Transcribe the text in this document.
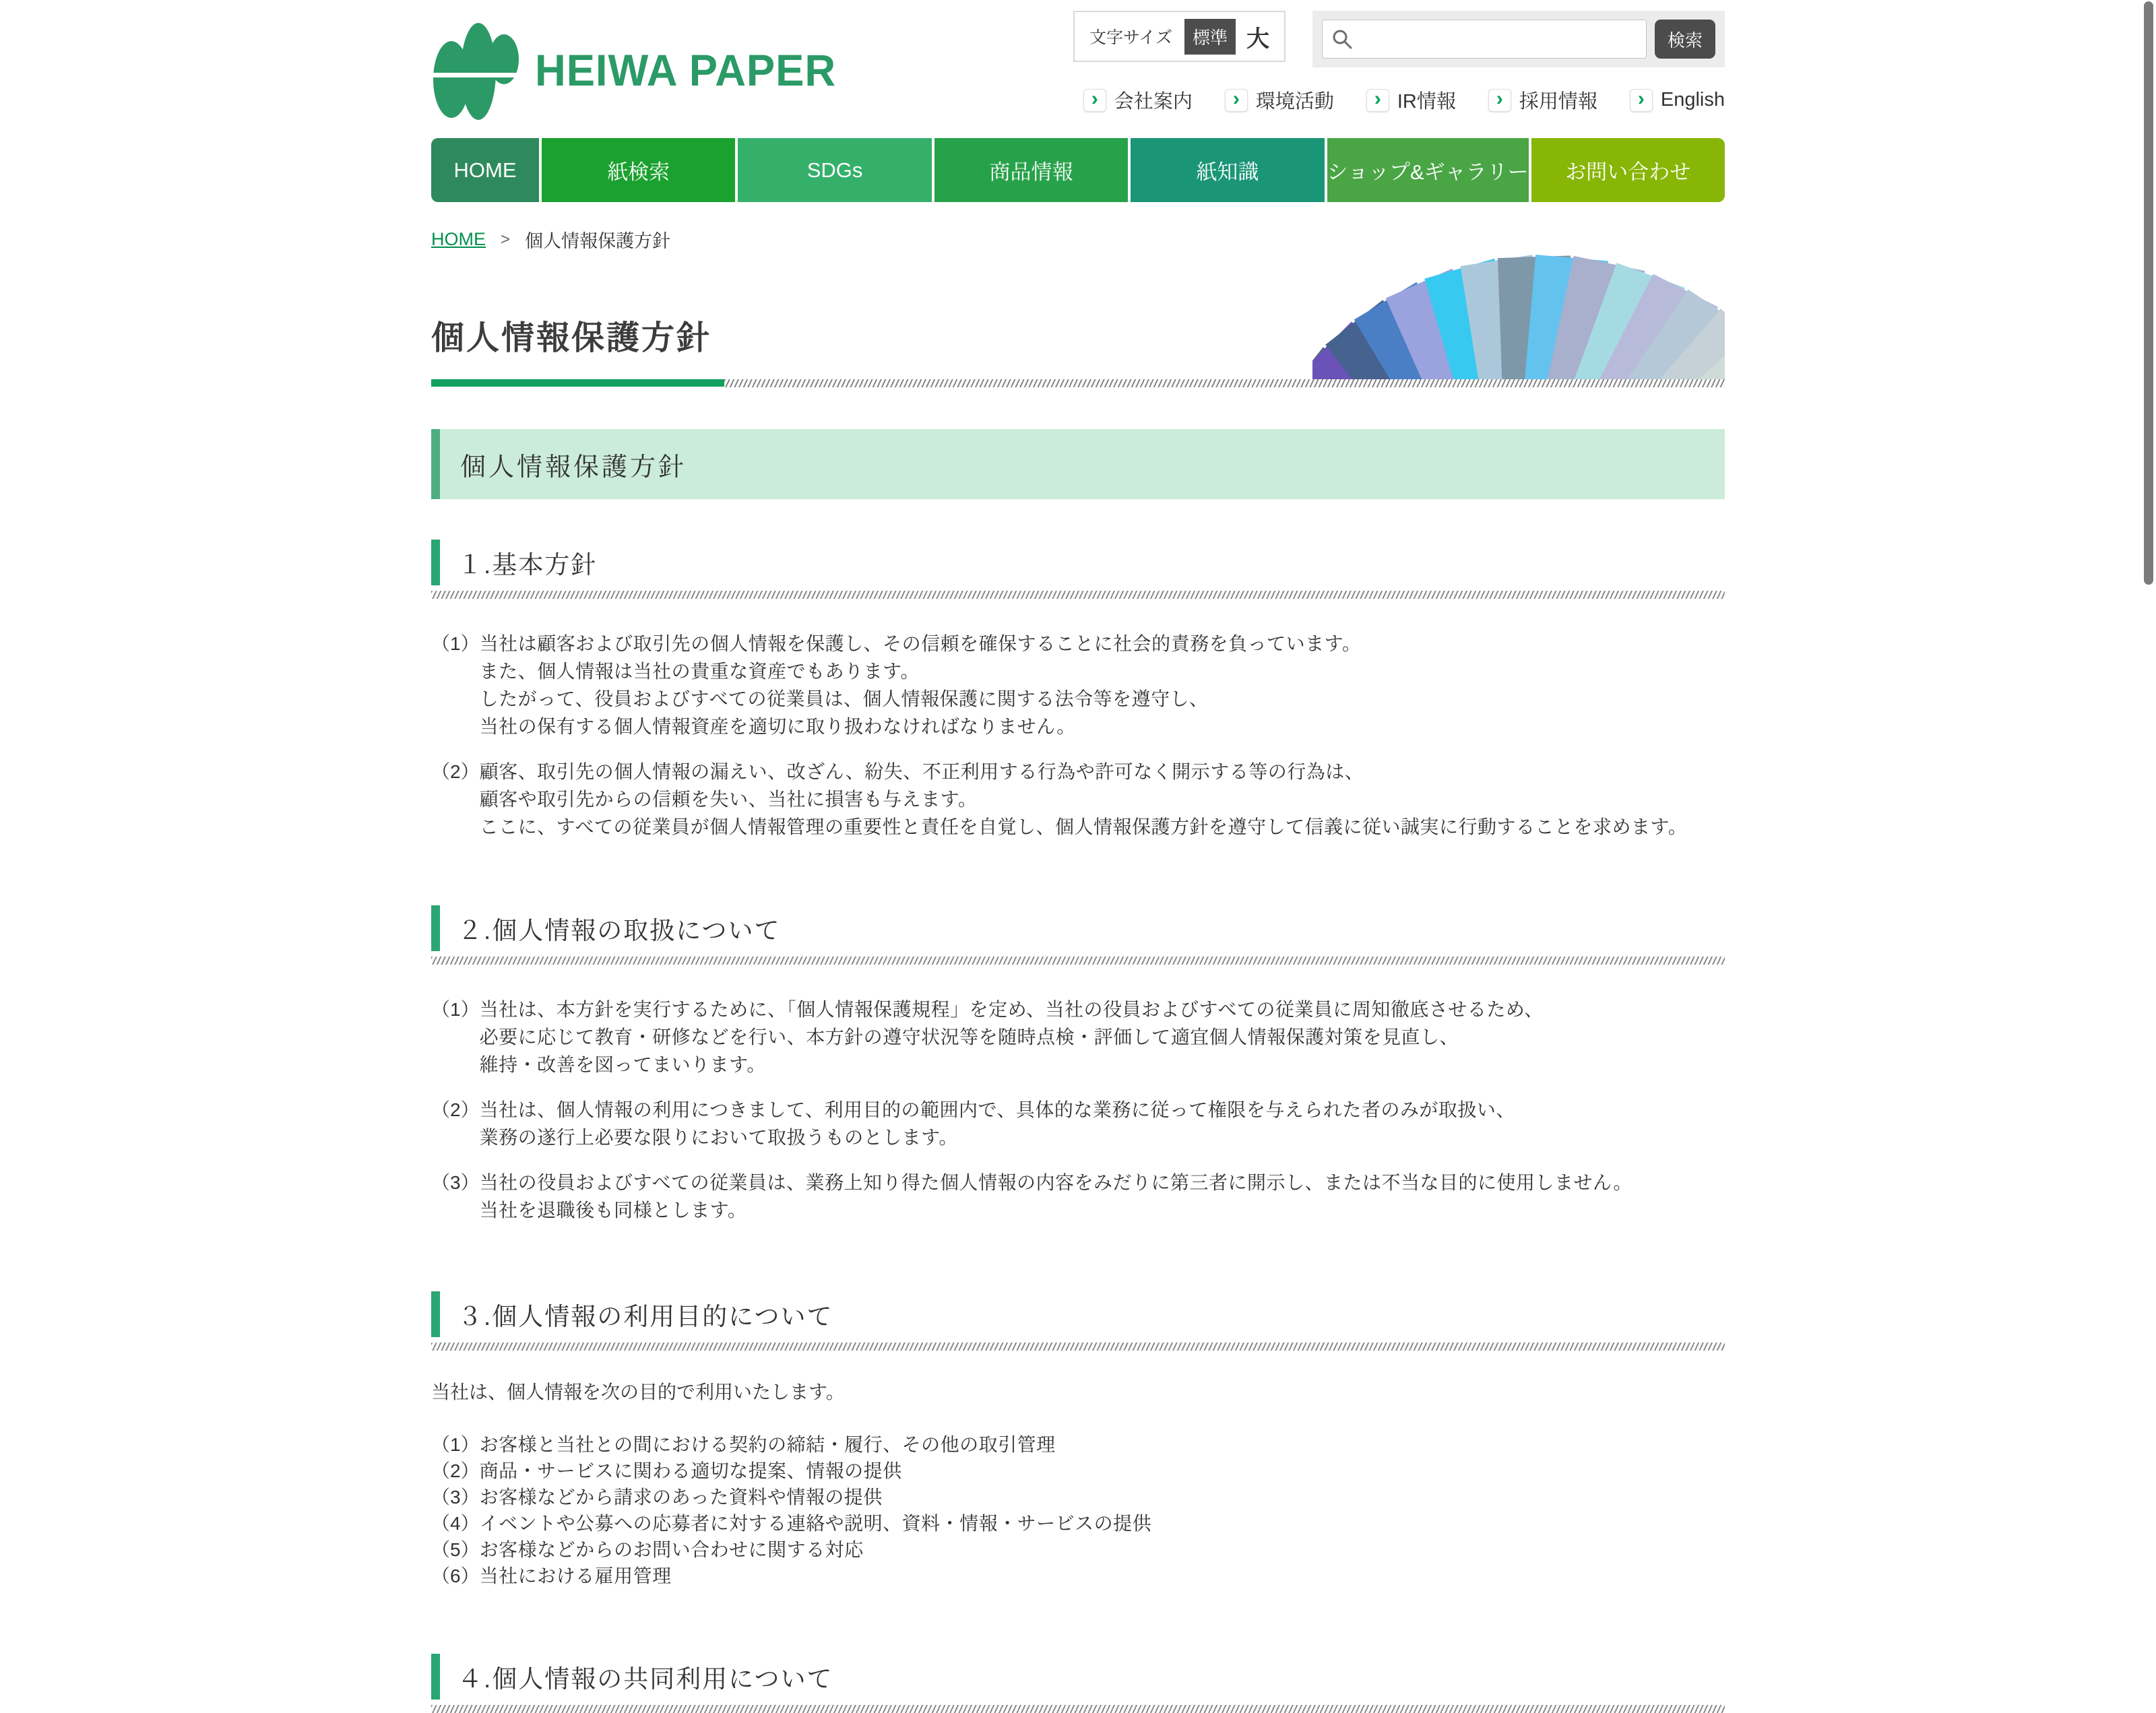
HEIWA PAPER
文字サイズ	標準 大	検索
› 会社案内 › 環境活動 › IR情報 › 採用情報 › English
HOME	紙検索	SDGs	商品情報	紙知識	ショップ&ギャラリー	お問い合わせ
HOME > 個人情報保護方針
個人情報保護方針
個人情報保護方針
１.基本方針
（1） 当社は顧客および取引先の個人情報を保護し、その信頼を確保することに社会的責務を負っています。
また、個人情報は当社の貴重な資産でもあります。
したがって、役員およびすべての従業員は、個人情報保護に関する法令等を遵守し、
当社の保有する個人情報資産を適切に取り扱わなければなりません。
（2） 顧客、取引先の個人情報の漏えい、改ざん、紛失、不正利用する行為や許可なく開示する等の行為は、
顧客や取引先からの信頼を失い、当社に損害も与えます。
ここに、すべての従業員が個人情報管理の重要性と責任を自覚し、個人情報保護方針を遵守して信義に従い誠実に行動することを求めます。
２.個人情報の取扱について
（1） 当社は、本方針を実行するために、「個人情報保護規程」を定め、当社の役員およびすべての従業員に周知徹底させるため、
必要に応じて教育・研修などを行い、本方針の遵守状況等を随時点検・評価して適宜個人情報保護対策を見直し、
維持・改善を図ってまいります。
（2） 当社は、個人情報の利用につきまして、利用目的の範囲内で、具体的な業務に従って権限を与えられた者のみが取扱い、
業務の遂行上必要な限りにおいて取扱うものとします。
（3） 当社の役員およびすべての従業員は、業務上知り得た個人情報の内容をみだりに第三者に開示し、または不当な目的に使用しません。
当社を退職後も同様とします。
３.個人情報の利用目的について
当社は、個人情報を次の目的で利用いたします。
（1） お客様と当社との間における契約の締結・履行、その他の取引管理
（2） 商品・サービスに関わる適切な提案、情報の提供
（3） お客様などから請求のあった資料や情報の提供
（4） イベントや公募への応募者に対する連絡や説明、資料・情報・サービスの提供
（5） お客様などからのお問い合わせに関する対応
（6） 当社における雇用管理
４.個人情報の共同利用について
